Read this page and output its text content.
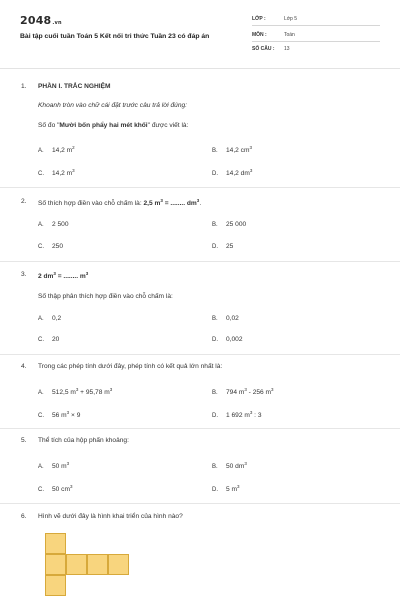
2048.vn
Bài tập cuối tuần Toán 5 Kết nối tri thức Tuần 23 có đáp án
LỚP :	Lớp 5
MÔN :	Toán
SỐ CÂU : 13
1. PHẦN I. TRẮC NGHIỆM
Khoanh tròn vào chữ cái đặt trước câu trả lời đúng:
Số đo "Mười bốn phẩy hai mét khối" được viết là:
A. 14,2 $m^2$
B. 14,2 $cm^3$
C. 14,2 $m^3$
D. 14,2 $dm^3$
2. Số thích hợp điền vào chỗ chấm là: 2,5 $m^3$ = ........ $dm^3$.
A. 2 500	B. 25 000
C. 250	D. 25
3. 2 $dm^3$ = ........ $m^3$
Số thập phân thích hợp điền vào chỗ chấm là:
A. 0,2	B. 0,02
C. 20	D. 0,002
4. Trong các phép tính dưới đây, phép tính có kết quả lớn nhất là:
A. 512,5 $m^3 + 95,78$ $m^3$
B. 794 $m^3 - 256$ $m^3$
C. 56 $m^3 \times 9$	D. 1 692 $m^3$ : 3
5. Thể tích của hộp phấn khoảng:
A. 50 $m^3$
B. 50 $dm^3$
C. 50 $cm^3$
D. 5 $m^3$
6. Hình vẽ dưới đây là hình khai triển của hình nào?
